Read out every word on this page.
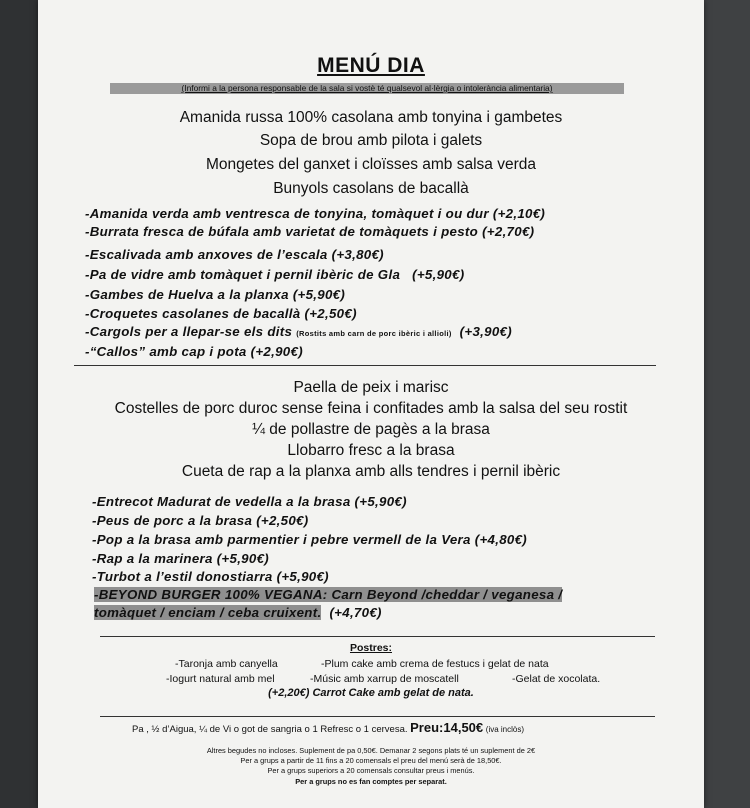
MENÚ DIA
(Informi a la persona responsable de la sala si vostè té qualsevol al·lèrgia o intolerància alimentaria)
Amanida russa 100% casolana amb tonyina i gambetes
Sopa de brou amb pilota i galets
Mongetes del ganxet i cloïsses amb salsa verda
Bunyols casolans de bacallà
-Amanida verda amb ventresca de tonyina, tomàquet i ou dur (+2,10€)
-Burrata fresca de búfala amb varietat de tomàquets i pesto (+2,70€)
-Escalivada amb anxoves de l’escala (+3,80€)
-Pa de vidre amb tomàquet i pernil ibèric de Gla (+5,90€)
-Gambes de Huelva a la planxa (+5,90€)
-Croquetes casolanes de bacallà (+2,50€)
-Cargols per a llepar-se els dits (Rostits amb carn de porc ibèric i allioli) (+3,90€)
-“Callos” amb cap i pota (+2,90€)
Paella de peix i marisc
Costelles de porc duroc sense feina i confitades amb la salsa del seu rostit
¼ de pollastre de pagès a la brasa
Llobarro fresc a la brasa
Cueta de rap a la planxa amb alls tendres i pernil ibèric
-Entrecot Madurat de vedella a la brasa (+5,90€)
-Peus de porc a la brasa (+2,50€)
-Pop a la brasa amb parmentier i pebre vermell de la Vera (+4,80€)
-Rap a la marinera (+5,90€)
-Turbot a l’estil donostiarra (+5,90€)
-BEYOND BURGER 100% VEGANA: Carn Beyond /cheddar / veganesa /
tomàquet / enciam / ceba cruixent. (+4,70€)
Postres:
-Taronja amb canyella	-Plum cake amb crema de festucs i gelat de nata
-Iogurt natural amb mel	-Músic amb xarrup de moscatell	-Gelat de xocolata.
(+2,20€) Carrot Cake amb gelat de nata.
Pa , ½ d’Aigua, ¼ de Vi o got de sangria o 1 Refresc o 1 cervesa. Preu:14,50€ (iva inclòs)
Altres begudes no incloses. Suplement de pa 0,50€. Demanar 2 segons plats té un suplement de 2€
Per a grups a partir de 11 fins a 20 comensals el preu del menú serà de 18,50€.
Per a grups superiors a 20 comensals consultar preus i menús.
Per a grups no es fan comptes per separat.
